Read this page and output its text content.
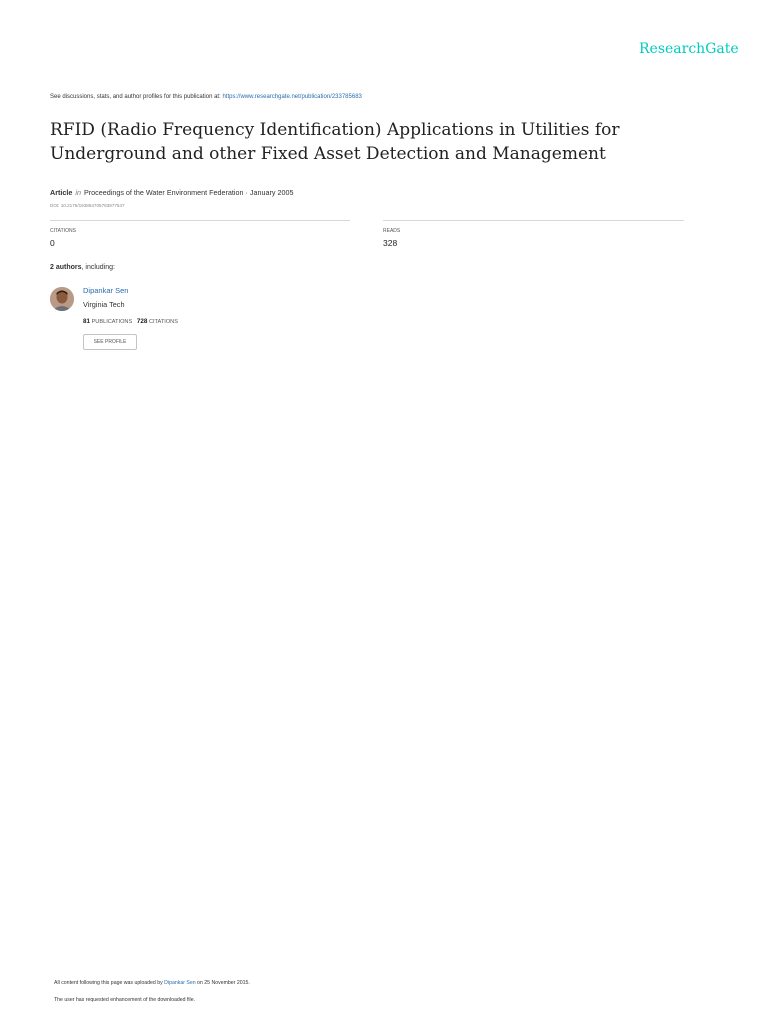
ResearchGate
See discussions, stats, and author profiles for this publication at: https://www.researchgate.net/publication/233785683
RFID (Radio Frequency Identification) Applications in Utilities for Underground and other Fixed Asset Detection and Management
Article in Proceedings of the Water Environment Federation · January 2005
DOI: 10.2175/193864705783977547
CITATIONS
0
READS
328
2 authors, including:
Dipankar Sen
Virginia Tech
81 PUBLICATIONS 728 CITATIONS
SEE PROFILE
All content following this page was uploaded by Dipankar Sen on 25 November 2015.
The user has requested enhancement of the downloaded file.
